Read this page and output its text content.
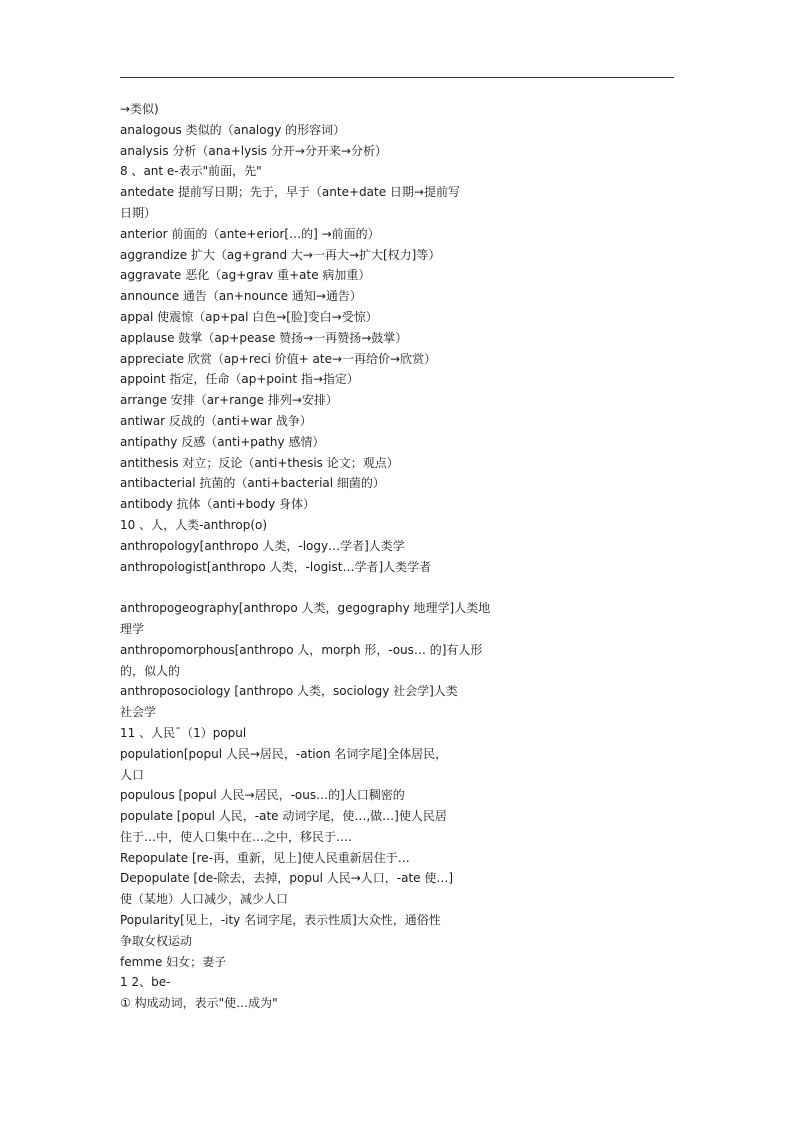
→类似)
analogous 类似的（analogy 的形容词）
analysis 分析（ana+lysis 分开→分开来→分析）
8 、ant e-表示"前面，先"
antedate 提前写日期；先于，早于（ante+date 日期→提前写
日期）
anterior 前面的（ante+erior[…的] →前面的）
aggrandize 扩大（ag+grand 大→一再大→扩大[权力]等）
aggravate 恶化（ag+grav 重+ate 病加重）
announce 通告（an+nounce 通知→通告）
appal 使震惊（ap+pal 白色→[脸]变白→受惊）
applause 鼓掌（ap+pease 赞扬→一再赞扬→鼓掌）
appreciate 欣赏（ap+reci 价值+ ate→一再给价→欣赏）
appoint 指定，任命（ap+point 指→指定）
arrange 安排（ar+range 排列→安排）
antiwar 反战的（anti+war 战争）
antipathy 反感（anti+pathy 感情）
antithesis 对立；反论（anti+thesis 论文；观点）
antibacterial 抗菌的（anti+bacterial 细菌的）
antibody 抗体（anti+body 身体）
10 、人，人类-anthrop(o)
anthropology[anthropo 人类，-logy…学者]人类学
anthropologist[anthropo 人类，-logist…学者]人类学者
anthropogeography[anthropo 人类，gegography 地理学]人类地
理学
anthropomorphous[anthropo 人，morph 形，-ous… 的]有人形
的，似人的
anthroposociology [anthropo 人类，sociology 社会学]人类
社会学
11 、人民¯（1）popul
population[popul 人民→居民，-ation 名词字尾]全体居民，
人口
populous [popul 人民→居民，-ous…的]人口稠密的
populate [popul 人民，-ate 动词字尾，使…,做…]使人民居
住于…中，使人口集中在…之中，移民于….
Repopulate [re-再，重新，见上]使人民重新居住于…
Depopulate [de-除去，去掉，popul 人民→人口，-ate 使…]
使（某地）人口减少，减少人口
Popularity[见上，-ity 名词字尾，表示性质]大众性，通俗性
争取女权运动
femme 妇女；妻子
1 2、be-
① 构成动词，表示"使…成为"
